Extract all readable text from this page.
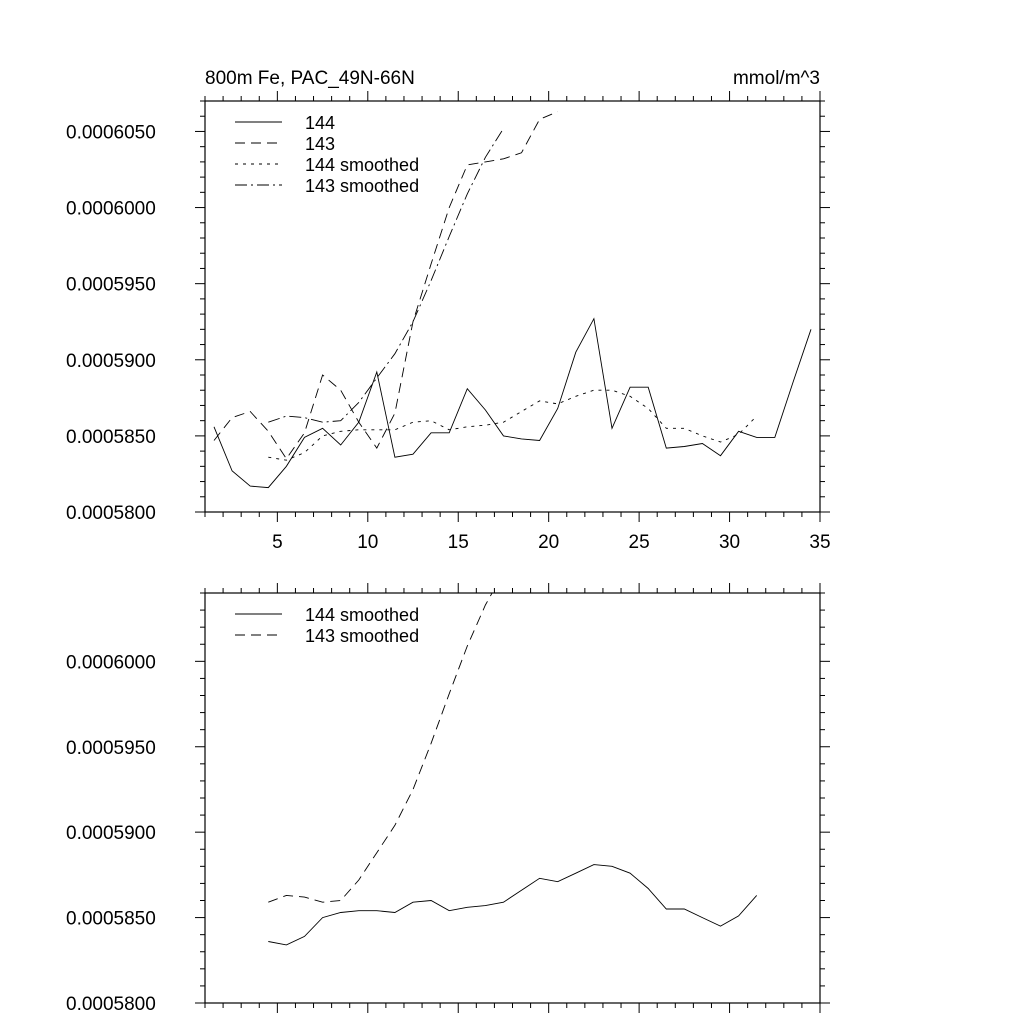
5	10	15	20	25	30	35
0.0005800
0.0005850
0.0005900
0.0005950
0.0006000
0.0006050
800m Fe, PAC_49N-66N	mmol/m^3
144
143
144 smoothed
143 smoothed
0.0005800
0.0005850
0.0005900
0.0005950
0.0006000
144 smoothed
143 smoothed
